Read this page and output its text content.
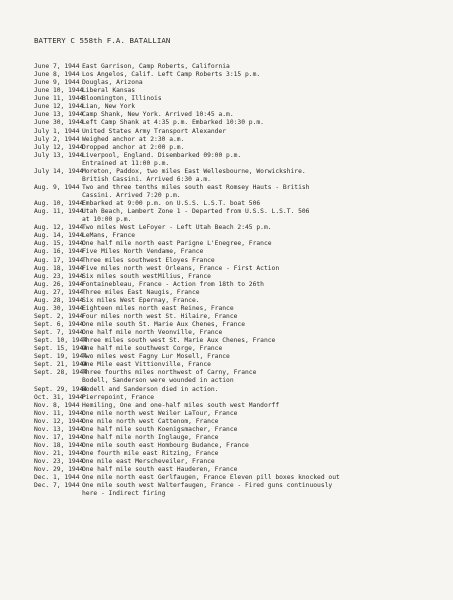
BATTERY C 558th F.A. BATALLIAN
June 7, 1944 East Garrison, Camp Roberts, California
June 8, 1944 Los Angelos, Calif. Left Camp Roberts 3:15 p.m.
June 9, 1944 Douglas, Arizona
June 10, 1944
Liberal Kansas
June 11, 1944
Bloomington, Illinois
June 12, 1944
Lian, New York
June 13, 1944
Camp Shank, New York. Arrived 10:45 a.m.
June 30, 1944
Left Camp Shank at 4:35 p.m. Embarked 10:30 p.m.
July 1, 1944 United States Army Transport Alexander
July 2, 1944 Weighed anchor at 2:30 a.m.
July 12, 1944
Dropped anchor at 2:00 p.m.
July 13, 1944
Liverpool, England. Disembarked 09:00 p.m.
Entrained at 11:00 p.m.
July 14, 1944
Moreton, Paddox, two miles East Wellesbourne, Worwickshire.
British Cassini. Arrived 6:30 a.m.
Aug. 9, 1944 Two and three tenths miles south east Romsey Hauts - British
Cassini. Arrived 7:20 p.m.
Aug. 10, 1944
Embarked at 9:00 p.m. on U.S.S. L.S.T. boat 506
Aug. 11, 1944
Utah Beach, Lambert Zone 1 - Departed from U.S.S. L.S.T. 506
at 10:00 p.m.
Aug. 12, 1944
Two miles West LeFoyer - Left Utah Beach 2:45 p.m.
Aug. 14, 1944
LeMans, France
Aug. 15, 1944
One half mile north east Parigne L'Enegree, France
Aug. 16, 1944
Five Miles North Vendame, France
Aug. 17, 1944
Three miles southwest Eloyes France
Aug. 18, 1944
Five miles north west Orleans, France - First Action
Aug. 23, 1944
Six miles south westMilius, France
Aug. 26, 1944
Fontainebleau, France - Action from 18th to 26th
Aug. 27, 1944
Three miles East Naugis, France
Aug. 28, 1944
Six miles West Epernay, France.
Aug. 30, 1944
Eighteen miles north east Reines, France
Sept. 2, 1944
Four miles north west St. Hilaire, France
Sept. 6, 1944
One mile south St. Marie Aux Chenes, France
Sept. 7, 1944
One half mile north Veonville, France
Sept. 10, 1944
Three miles south west St. Marie Aux Chenes, France
Sept. 15, 1944
One half mile southwest Corge, France
Sept. 19, 1944
Two miles west Fagny Lur Mosell, France
Sept. 21, 1944
One Mile east Vittionville, France
Sept. 28, 1944
Three fourths miles northwest of Carny, France
Bodell, Sanderson were wounded in action
Sept. 29, 1944
Bodell and Sanderson died in action.
Oct. 31, 1944
Pierrepoint, France
Nov. 8, 1944 Hemiling, One and one-half miles south west Mandorff
Nov. 11, 1944
One mile north west Weiler LaTour, France
Nov. 12, 1944
One mile north west Cattenom, France
Nov. 13, 1944
One half mile south Koenigsmacher, France
Nov. 17, 1944
One half mile north Inglauge, France
Nov. 18, 1944
One mile south east Hombourg Budance, France
Nov. 21, 1944
One fourth mile east Ritzing, France
Nov. 23, 1944
One mile east Merscheveiler, France
Nov. 29, 1944
One half mile south east Hauderen, France
Dec. 1, 1944 One mile north east Gerlfaugen, France Eleven pill boxes knocked out
Dec. 7, 1944 One mile south west Walterfaugen, France - Fired guns continuously
here - Indirect firing
